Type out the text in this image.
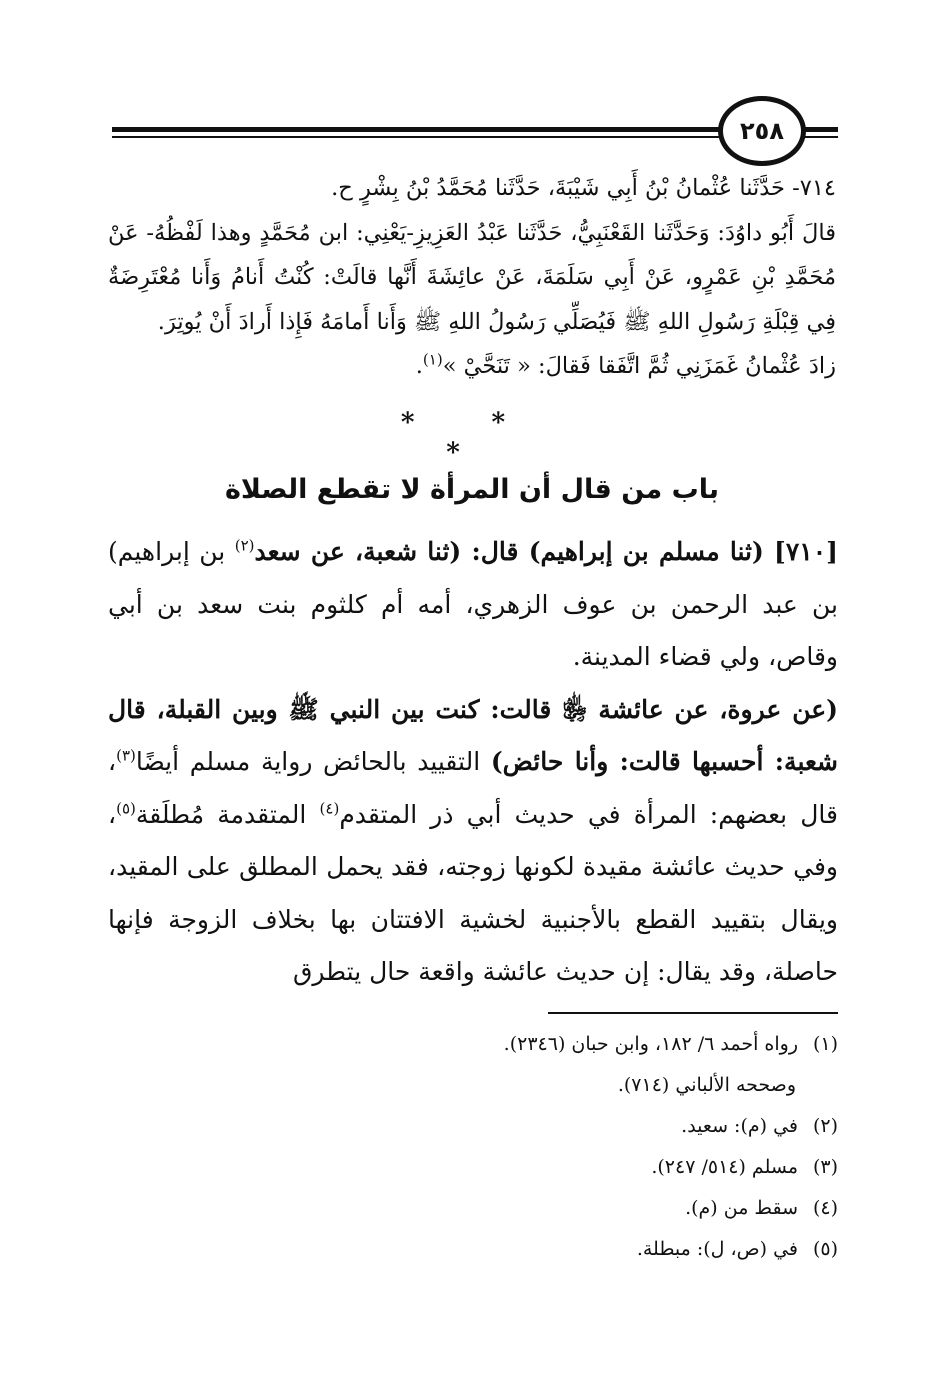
٢٥٨

٧١٤- حَدَّثَنا عُثْمانُ بْنُ أَبِي شَيْبَةَ، حَدَّثَنا مُحَمَّدُ بْنُ بِشْرٍ ح.

قالَ أَبُو داوُدَ: وَحَدَّثَنا القَعْنَبِيُّ، حَدَّثَنا عَبْدُ العَزِيزِ-يَعْنِي: ابن مُحَمَّدٍ وهذا لَفْظُهُ- عَنْ مُحَمَّدِ بْنِ عَمْرٍو، عَنْ أَبِي سَلَمَةَ، عَنْ عائِشَةَ أَنَّها قالَتْ: كُنْتُ أَنامُ وَأَنا مُعْتَرِضَةٌ فِي قِبْلَةِ رَسُولِ اللهِ ﷺ فَيُصَلِّي رَسُولُ اللهِ ﷺ وَأَنا أَمامَهُ فَإِذا أَرادَ أَنْ يُوتِرَ.

زادَ عُثْمانُ غَمَزَنِي ثُمَّ اتَّفَقا فَقالَ: « تَنَحَّيْ »$^{(١)}$.

* * *
باب من قال أن المرأة لا تقطع الصلاة

[٧١٠] (ثنا مسلم بن إبراهيم) قال: (ثنا شعبة، عن سعد$^{(٢)}$ بن إبراهيم) بن عبد الرحمن بن عوف الزهري، أمه أم كلثوم بنت سعد بن أبي وقاص، ولي قضاء المدينة.

(عن عروة، عن عائشة ﵂ قالت: كنت بين النبي ﷺ وبين القبلة، قال شعبة: أحسبها قالت: وأنا حائض) التقييد بالحائض رواية مسلم أيضًا$^{(٣)}$، قال بعضهم: المرأة في حديث أبي ذر المتقدم$^{(٤)}$ المتقدمة مُطلَقة$^{(٥)}$، وفي حديث عائشة مقيدة لكونها زوجته، فقد يحمل المطلق على المقيد، ويقال بتقييد القطع بالأجنبية لخشية الافتتان بها بخلاف الزوجة فإنها حاصلة، وقد يقال: إن حديث عائشة واقعة حال يتطرق

(١)رواه أحمد ٦/ ١٨٢، وابن حبان (٢٣٤٦).

وصححه الألباني (٧١٤).

(٢)في (م): سعيد.

(٣)مسلم (٥١٤/ ٢٤٧).

(٤)سقط من (م).

(٥)في (ص، ل): مبطلة.
